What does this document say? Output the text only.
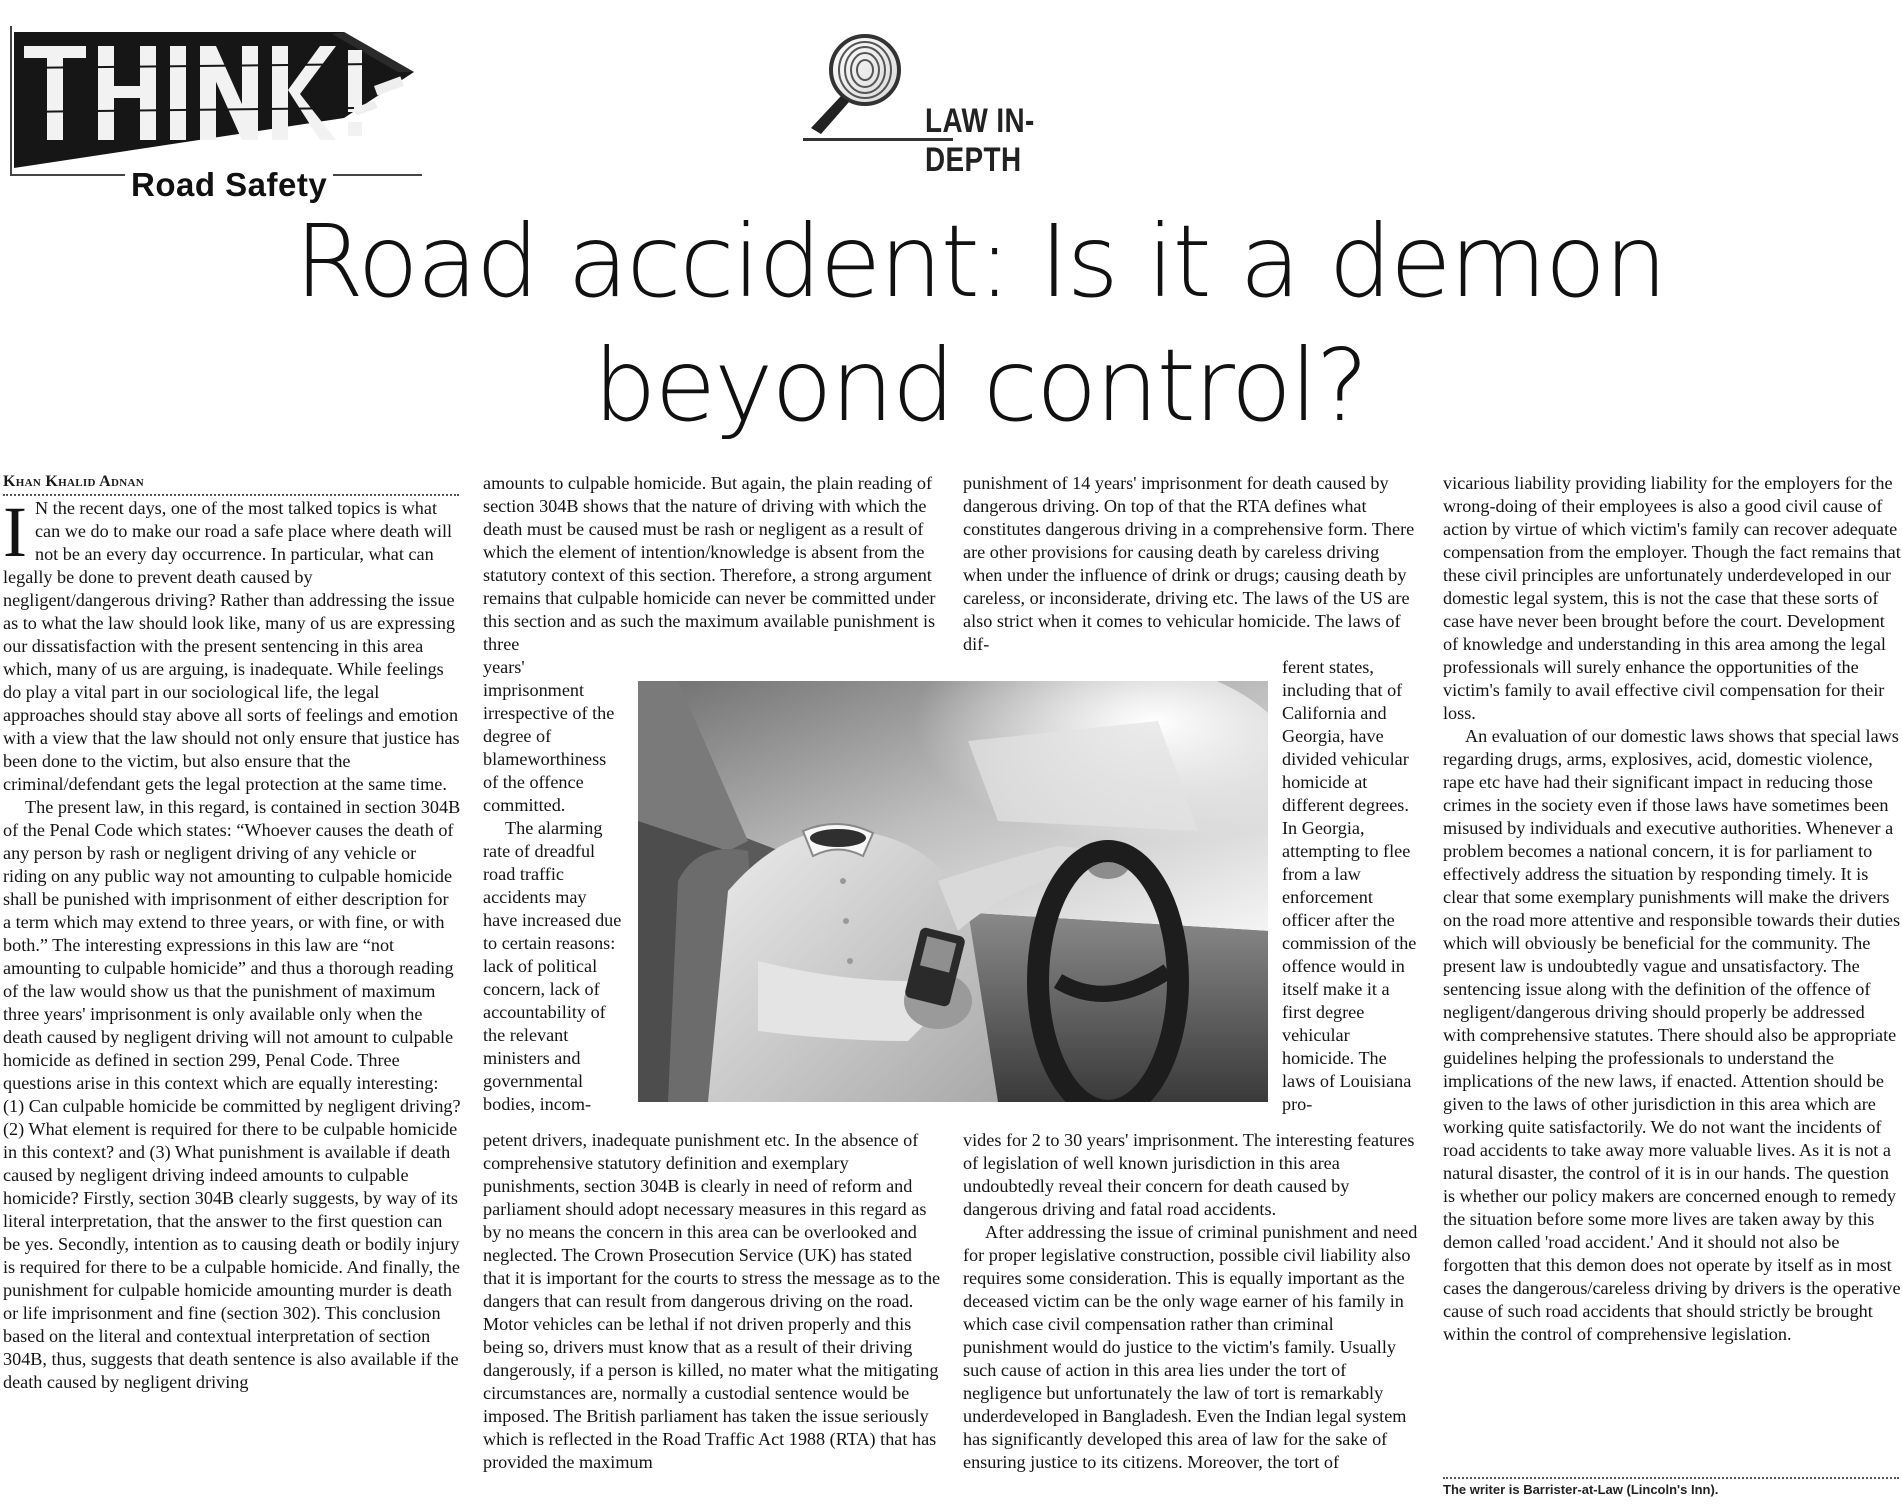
Road Safety
LAW IN-DEPTH
Road accident: Is it a demon beyond control?
Khan Khalid Adnan

I N the recent days, one of the most talked topics is what can we do to make our road a safe place where death will not be an every day occurrence. In particular, what can legally be done to prevent death caused by negligent/dangerous driving? Rather than addressing the issue as to what the law should look like, many of us are expressing our dissatisfaction with the present sentencing in this area which, many of us are arguing, is inadequate. While feelings do play a vital part in our sociological life, the legal approaches should stay above all sorts of feelings and emotion with a view that the law should not only ensure that justice has been done to the victim, but also ensure that the criminal/defendant gets the legal protection at the same time.

The present law, in this regard, is contained in section 304B of the Penal Code which states: “Whoever causes the death of any person by rash or negligent driving of any vehicle or riding on any public way not amounting to culpable homicide shall be punished with imprisonment of either description for a term which may extend to three years, or with fine, or with both.” The interesting expressions in this law are “not amounting to culpable homicide” and thus a thorough reading of the law would show us that the punishment of maximum three years' imprisonment is only available only when the death caused by negligent driving will not amount to culpable homicide as defined in section 299, Penal Code. Three questions arise in this context which are equally interesting: (1) Can culpable homicide be committed by negligent driving? (2) What element is required for there to be culpable homicide in this context? and (3) What punishment is available if death caused by negligent driving indeed amounts to culpable homicide? Firstly, section 304B clearly suggests, by way of its literal interpretation, that the answer to the first question can be yes. Secondly, intention as to causing death or bodily injury is required for there to be a culpable homicide. And finally, the punishment for culpable homicide amounting murder is death or life imprisonment and fine (section 302). This conclusion based on the literal and contextual interpretation of section 304B, thus, suggests that death sentence is also available if the death caused by negligent driving

amounts to culpable homicide. But again, the plain reading of section 304B shows that the nature of driving with which the death must be caused must be rash or negligent as a result of which the element of intention/knowledge is absent from the statutory context of this section. Therefore, a strong argument remains that culpable homicide can never be committed under this section and as such the maximum available punishment is three

years' imprisonment irrespective of the degree of blameworthiness of the offence committed.

The alarming rate of dreadful road traffic accidents may have increased due to certain reasons: lack of political concern, lack of accountability of the relevant ministers and governmental bodies, incom-

petent drivers, inadequate punishment etc. In the absence of comprehensive statutory definition and exemplary punishments, section 304B is clearly in need of reform and parliament should adopt necessary measures in this regard as by no means the concern in this area can be overlooked and neglected. The Crown Prosecution Service (UK) has stated that it is important for the courts to stress the message as to the dangers that can result from dangerous driving on the road. Motor vehicles can be lethal if not driven properly and this being so, drivers must know that as a result of their driving dangerously, if a person is killed, no mater what the mitigating circumstances are, normally a custodial sentence would be imposed. The British parliament has taken the issue seriously which is reflected in the Road Traffic Act 1988 (RTA) that has provided the maximum

punishment of 14 years' imprisonment for death caused by dangerous driving. On top of that the RTA defines what constitutes dangerous driving in a comprehensive form. There are other provisions for causing death by careless driving when under the influence of drink or drugs; causing death by careless, or inconsiderate, driving etc. The laws of the US are also strict when it comes to vehicular homicide. The laws of dif-

ferent states, including that of California and Georgia, have divided vehicular homicide at different degrees. In Georgia, attempting to flee from a law enforcement officer after the commission of the offence would in itself make it a first degree vehicular homicide. The laws of Louisiana pro-

vides for 2 to 30 years' imprisonment. The interesting features of legislation of well known jurisdiction in this area undoubtedly reveal their concern for death caused by dangerous driving and fatal road accidents.

After addressing the issue of criminal punishment and need for proper legislative construction, possible civil liability also requires some consideration. This is equally important as the deceased victim can be the only wage earner of his family in which case civil compensation rather than criminal punishment would do justice to the victim's family. Usually such cause of action in this area lies under the tort of negligence but unfortunately the law of tort is remarkably underdeveloped in Bangladesh. Even the Indian legal system has significantly developed this area of law for the sake of ensuring justice to its citizens. Moreover, the tort of

vicarious liability providing liability for the employers for the wrong-doing of their employees is also a good civil cause of action by virtue of which victim's family can recover adequate compensation from the employer. Though the fact remains that these civil principles are unfortunately underdeveloped in our domestic legal system, this is not the case that these sorts of case have never been brought before the court. Development of knowledge and understanding in this area among the legal professionals will surely enhance the opportunities of the victim's family to avail effective civil compensation for their loss.

An evaluation of our domestic laws shows that special laws regarding drugs, arms, explosives, acid, domestic violence, rape etc have had their significant impact in reducing those crimes in the society even if those laws have sometimes been misused by individuals and executive authorities. Whenever a problem becomes a national concern, it is for parliament to effectively address the situation by responding timely. It is clear that some exemplary punishments will make the drivers on the road more attentive and responsible towards their duties which will obviously be beneficial for the community. The present law is undoubtedly vague and unsatisfactory. The sentencing issue along with the definition of the offence of negligent/dangerous driving should properly be addressed with comprehensive statutes. There should also be appropriate guidelines helping the professionals to understand the implications of the new laws, if enacted. Attention should be given to the laws of other jurisdiction in this area which are working quite satisfactorily. We do not want the incidents of road accidents to take away more valuable lives. As it is not a natural disaster, the control of it is in our hands. The question is whether our policy makers are concerned enough to remedy the situation before some more lives are taken away by this demon called 'road accident.' And it should not also be forgotten that this demon does not operate by itself as in most cases the dangerous/careless driving by drivers is the operative cause of such road accidents that should strictly be brought within the control of comprehensive legislation.

The writer is Barrister-at-Law (Lincoln's Inn).
